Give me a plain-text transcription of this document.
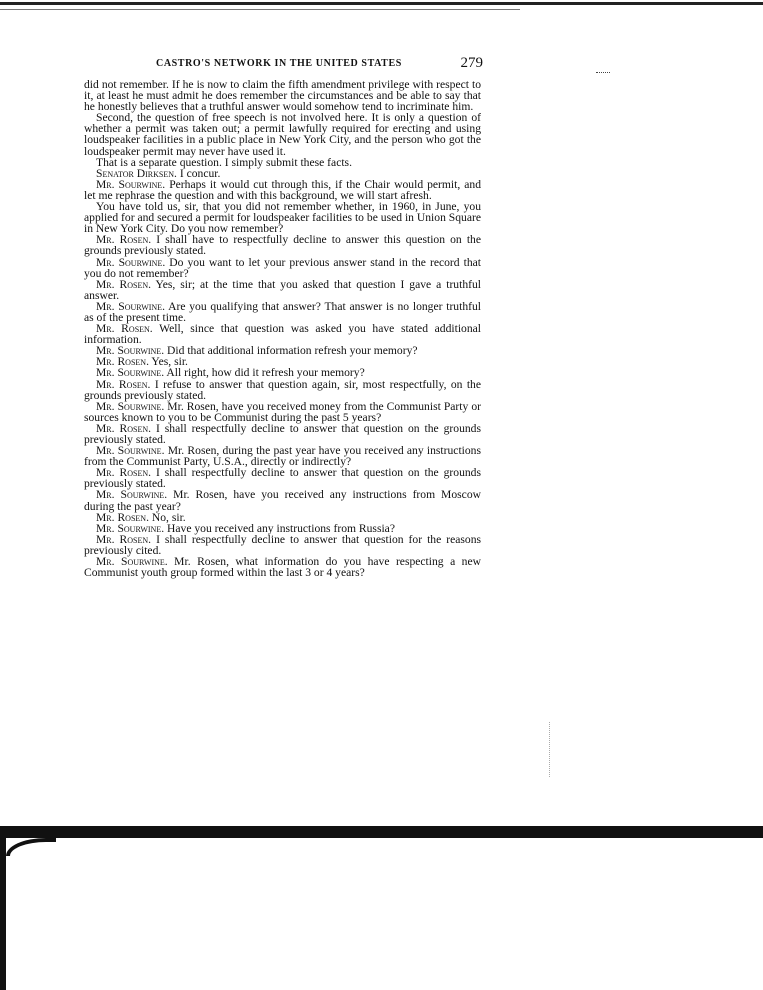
CASTRO'S NETWORK IN THE UNITED STATES	279

did not remember. If he is now to claim the fifth amendment privilege with respect to it, at least he must admit he does remember the circumstances and be able to say that he honestly believes that a truthful answer would somehow tend to incriminate him.

Second, the question of free speech is not involved here. It is only a question of whether a permit was taken out; a permit lawfully required for erecting and using loudspeaker facilities in a public place in New York City, and the person who got the loudspeaker permit may never have used it.

That is a separate question. I simply submit these facts.

Senator Dirksen. I concur.

Mr. Sourwine. Perhaps it would cut through this, if the Chair would permit, and let me rephrase the question and with this background, we will start afresh.

You have told us, sir, that you did not remember whether, in 1960, in June, you applied for and secured a permit for loudspeaker facilities to be used in Union Square in New York City. Do you now remember?

Mr. Rosen. I shall have to respectfully decline to answer this question on the grounds previously stated.

Mr. Sourwine. Do you want to let your previous answer stand in the record that you do not remember?

Mr. Rosen. Yes, sir; at the time that you asked that question I gave a truthful answer.

Mr. Sourwine. Are you qualifying that answer? That answer is no longer truthful as of the present time.

Mr. Rosen. Well, since that question was asked you have stated additional information.

Mr. Sourwine. Did that additional information refresh your memory?

Mr. Rosen. Yes, sir.

Mr. Sourwine. All right, how did it refresh your memory?

Mr. Rosen. I refuse to answer that question again, sir, most respectfully, on the grounds previously stated.

Mr. Sourwine. Mr. Rosen, have you received money from the Communist Party or sources known to you to be Communist during the past 5 years?

Mr. Rosen. I shall respectfully decline to answer that question on the grounds previously stated.

Mr. Sourwine. Mr. Rosen, during the past year have you received any instructions from the Communist Party, U.S.A., directly or indirectly?

Mr. Rosen. I shall respectfully decline to answer that question on the grounds previously stated.

Mr. Sourwine. Mr. Rosen, have you received any instructions from Moscow during the past year?

Mr. Rosen. No, sir.

Mr. Sourwine. Have you received any instructions from Russia?

Mr. Rosen. I shall respectfully decline to answer that question for the reasons previously cited.

Mr. Sourwine. Mr. Rosen, what information do you have respecting a new Communist youth group formed within the last 3 or 4 years?
